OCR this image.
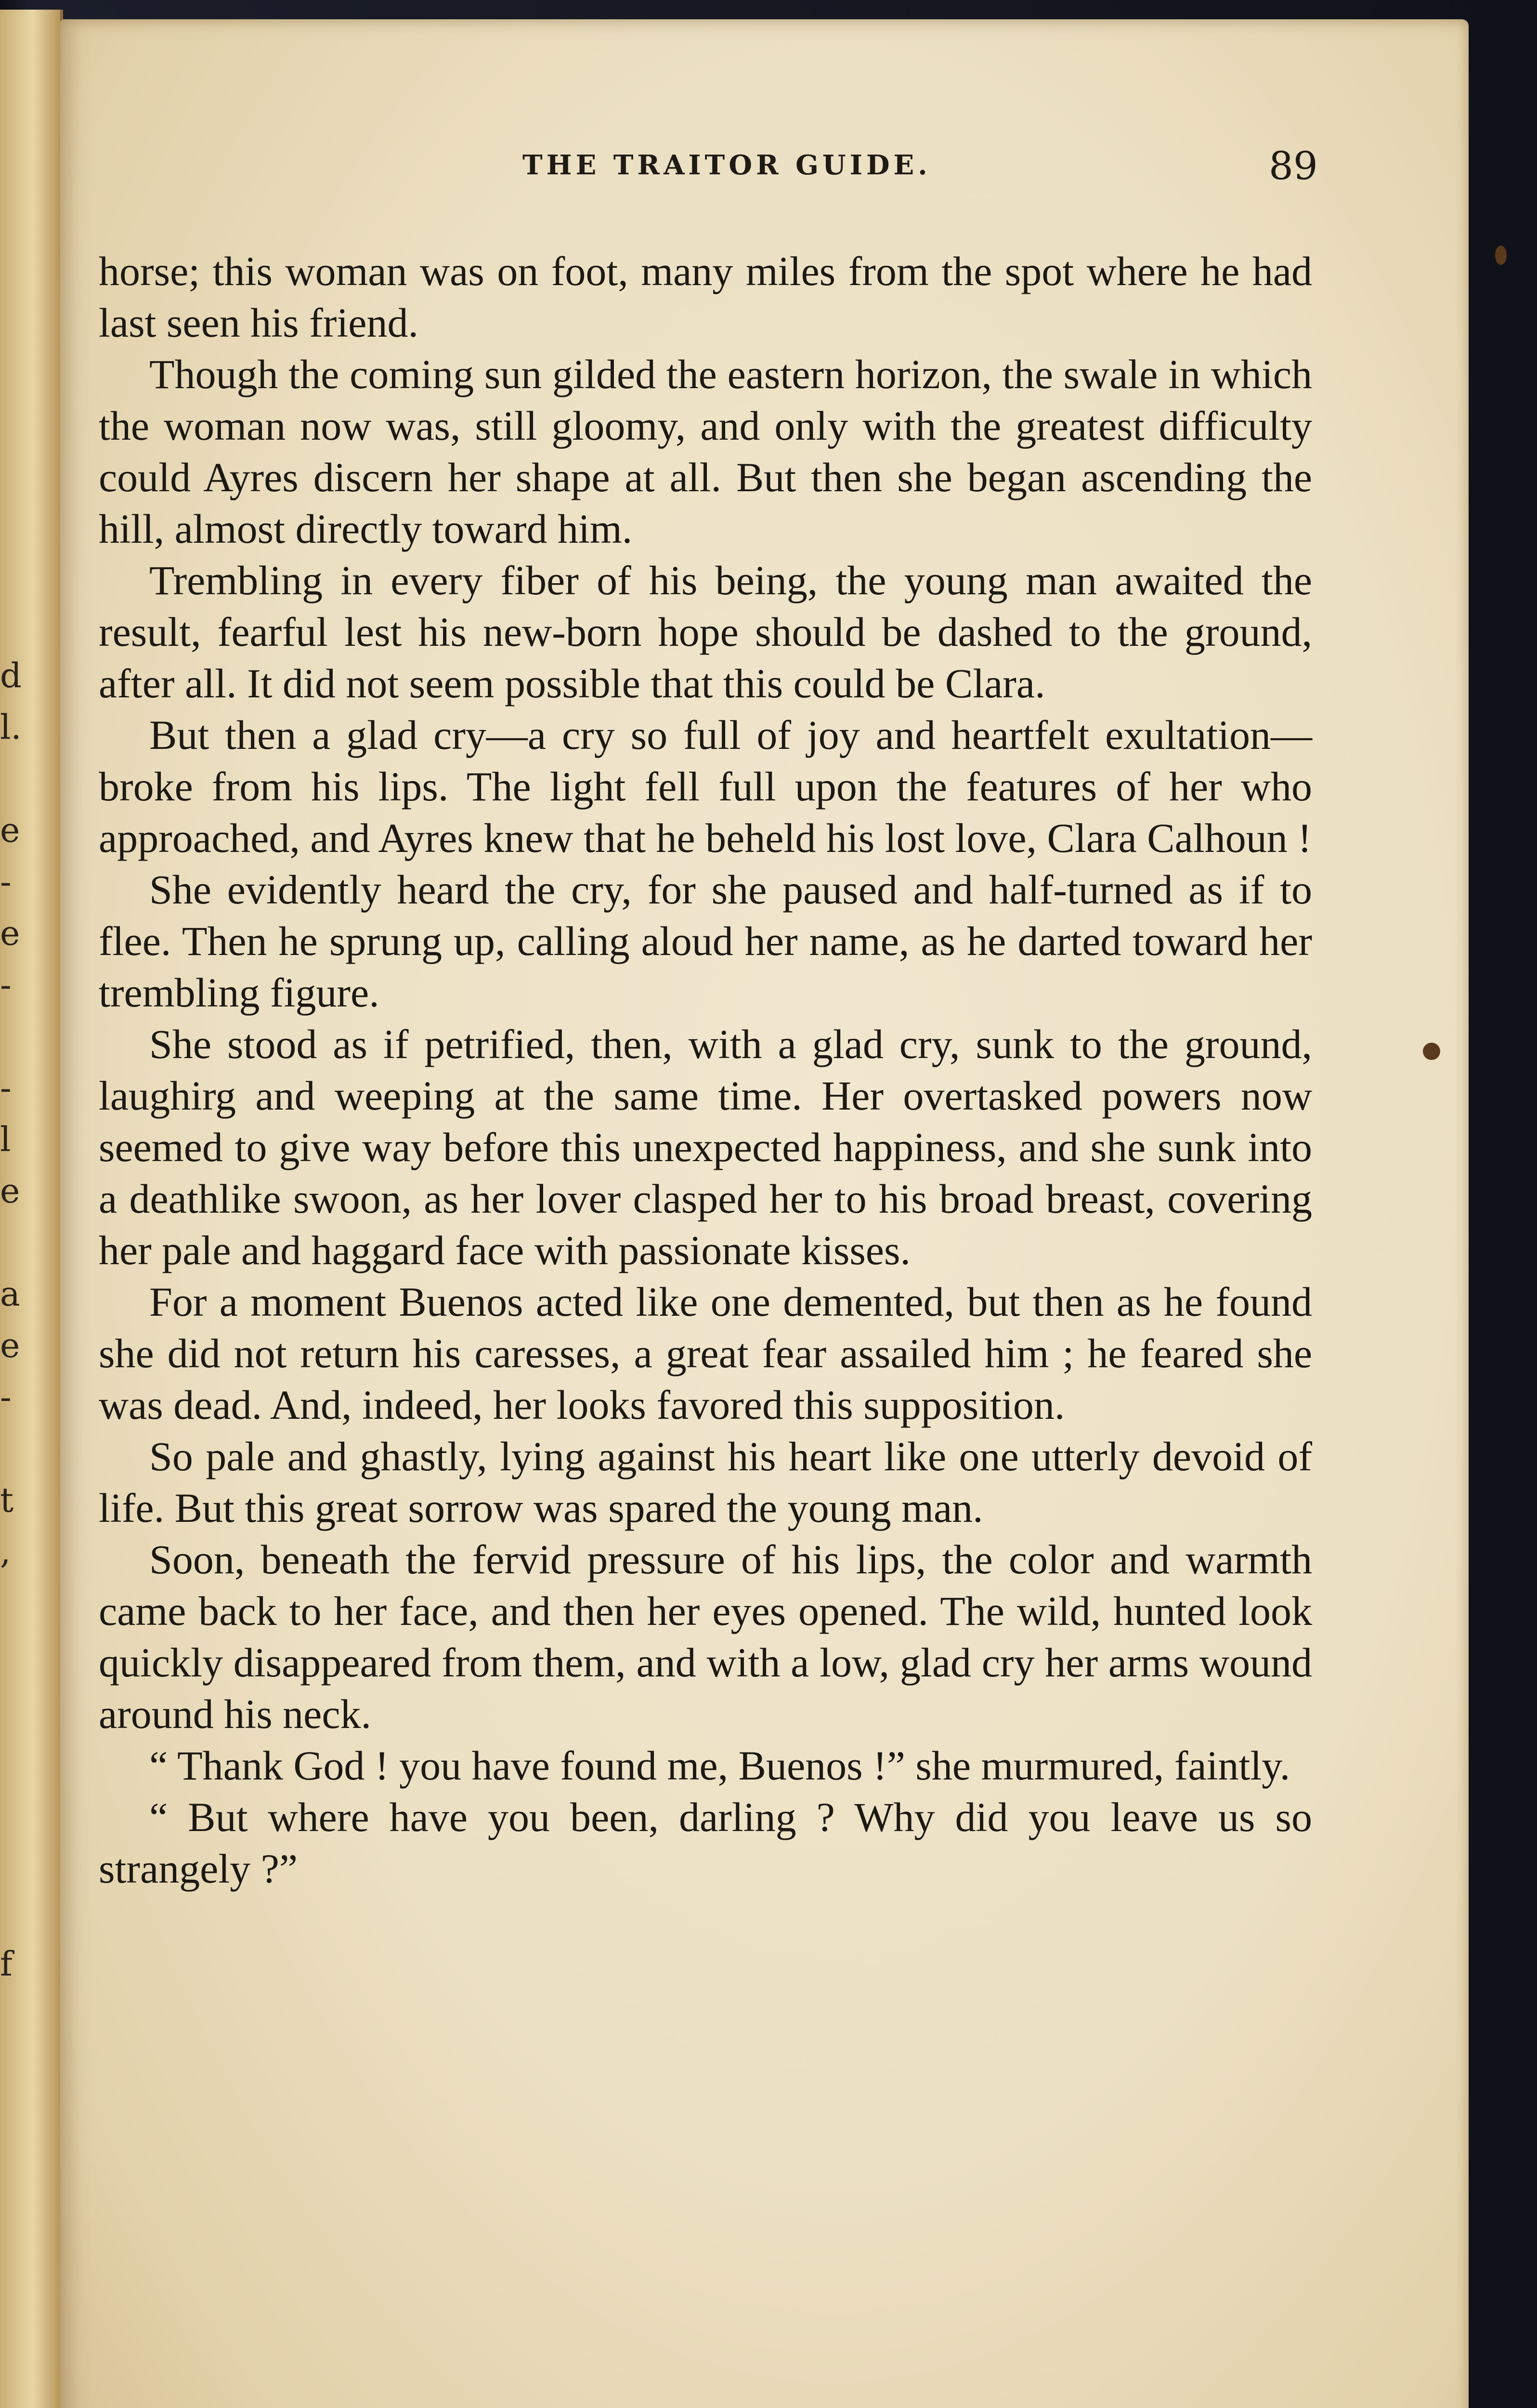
d
l.

e
-
e
-

-
l
e

a
e
-

t
,

f
THE TRAITOR GUIDE.	89

horse; this woman was on foot, many miles from the spot where he had last seen his friend.

Though the coming sun gilded the eastern horizon, the swale in which the woman now was, still gloomy, and only with the greatest difficulty could Ayres discern her shape at all. But then she began ascending the hill, almost directly toward him.

Trembling in every fiber of his being, the young man awaited the result, fearful lest his new-born hope should be dashed to the ground, after all. It did not seem possible that this could be Clara.

But then a glad cry—a cry so full of joy and heartfelt exultation—broke from his lips. The light fell full upon the features of her who approached, and Ayres knew that he beheld his lost love, Clara Calhoun !

She evidently heard the cry, for she paused and half-turned as if to flee. Then he sprung up, calling aloud her name, as he darted toward her trembling figure.

She stood as if petrified, then, with a glad cry, sunk to the ground, laughirg and weeping at the same time. Her overtasked powers now seemed to give way before this unexpected happiness, and she sunk into a deathlike swoon, as her lover clasped her to his broad breast, covering her pale and haggard face with passionate kisses.

For a moment Buenos acted like one demented, but then as he found she did not return his caresses, a great fear assailed him ; he feared she was dead. And, indeed, her looks favored this supposition.

So pale and ghastly, lying against his heart like one utterly devoid of life. But this great sorrow was spared the young man.

Soon, beneath the fervid pressure of his lips, the color and warmth came back to her face, and then her eyes opened. The wild, hunted look quickly disappeared from them, and with a low, glad cry her arms wound around his neck.

“ Thank God ! you have found me, Buenos !” she murmured, faintly.

“ But where have you been, darling ? Why did you leave us so strangely ?”
